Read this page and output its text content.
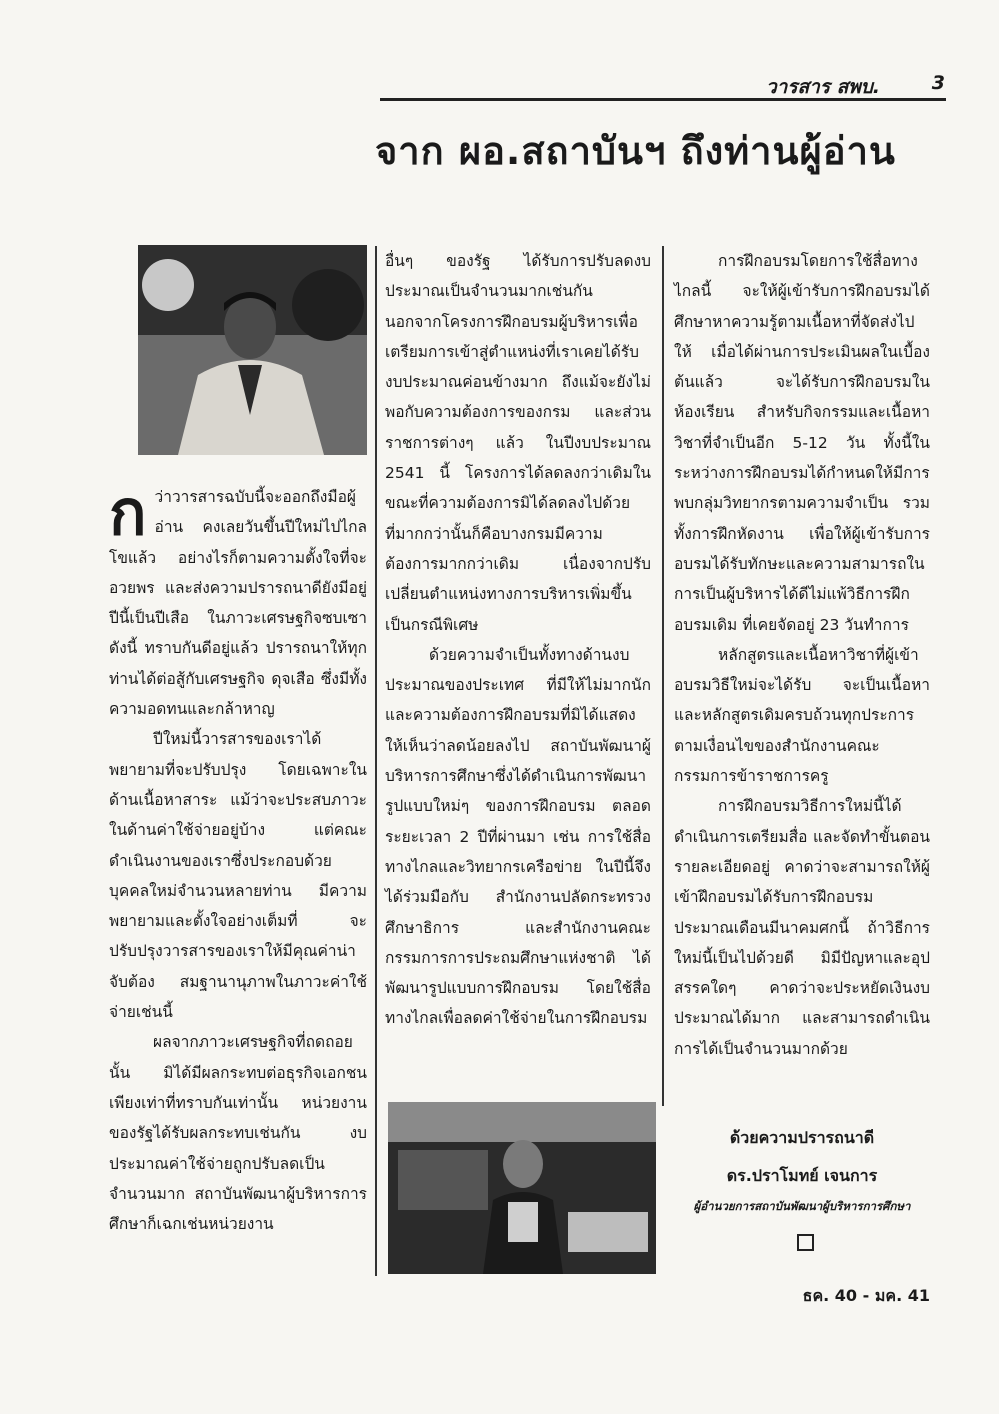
วารสาร สพบ.	3
จาก ผอ.สถาบันฯ ถึงท่านผู้อ่าน

กว่าวารสารฉบับนี้จะออกถึงมือผู้อ่าน คงเลยวันขึ้นปีใหม่ไปไกลโขแล้ว อย่างไรก็ตามความตั้งใจที่จะอวยพร และส่งความปรารถนาดียังมีอยู่ ปีนี้เป็นปีเสือ ในภาวะเศรษฐกิจซบเซาดังนี้ ทราบกันดีอยู่แล้ว ปรารถนาให้ทุกท่านได้ต่อสู้กับเศรษฐกิจ ดุจเสือ ซึ่งมีทั้งความอดทนและกล้าหาญ

ปีใหม่นี้วารสารของเราได้พยายามที่จะปรับปรุง โดยเฉพาะในด้านเนื้อหาสาระ แม้ว่าจะประสบภาวะในด้านค่าใช้จ่ายอยู่บ้าง แต่คณะดำเนินงานของเราซึ่งประกอบด้วยบุคคลใหม่จำนวนหลายท่าน มีความพยายามและตั้งใจอย่างเต็มที่ จะปรับปรุงวารสารของเราให้มีคุณค่าน่าจับต้อง สมฐานานุภาพในภาวะค่าใช้จ่ายเช่นนี้

ผลจากภาวะเศรษฐกิจที่ถดถอยนั้น มิได้มีผลกระทบต่อธุรกิจเอกชนเพียงเท่าที่ทราบกันเท่านั้น หน่วยงานของรัฐได้รับผลกระทบเช่นกัน งบประมาณค่าใช้จ่ายถูกปรับลดเป็นจำนวนมาก สถาบันพัฒนาผู้บริหารการศึกษาก็เฉกเช่นหน่วยงาน

อื่นๆ ของรัฐ ได้รับการปรับลดงบประมาณเป็นจำนวนมากเช่นกัน นอกจากโครงการฝึกอบรมผู้บริหารเพื่อเตรียมการเข้าสู่ตำแหน่งที่เราเคยได้รับงบประมาณค่อนข้างมาก ถึงแม้จะยังไม่พอกับความต้องการของกรม และส่วนราชการต่างๆ แล้ว ในปีงบประมาณ 2541 นี้ โครงการได้ลดลงกว่าเดิมในขณะที่ความต้องการมิได้ลดลงไปด้วย ที่มากกว่านั้นก็คือบางกรมมีความต้องการมากกว่าเดิม เนื่องจากปรับเปลี่ยนตำแหน่งทางการบริหารเพิ่มขึ้น เป็นกรณีพิเศษ

ด้วยความจำเป็นทั้งทางด้านงบประมาณของประเทศ ที่มีให้ไม่มากนัก และความต้องการฝึกอบรมที่มิได้แสดงให้เห็นว่าลดน้อยลงไป สถาบันพัฒนาผู้บริหารการศึกษาซึ่งได้ดำเนินการพัฒนารูปแบบใหม่ๆ ของการฝึกอบรม ตลอดระยะเวลา 2 ปีที่ผ่านมา เช่น การใช้สื่อทางไกลและวิทยากรเครือข่าย ในปีนี้จึงได้ร่วมมือกับ สำนักงานปลัดกระทรวงศึกษาธิการ และสำนักงานคณะกรรมการการประถมศึกษาแห่งชาติ ได้พัฒนารูปแบบการฝึกอบรม โดยใช้สื่อทางไกลเพื่อลดค่าใช้จ่ายในการฝึกอบรม

การฝึกอบรมโดยการใช้สื่อทางไกลนี้ จะให้ผู้เข้ารับการฝึกอบรมได้ศึกษาหาความรู้ตามเนื้อหาที่จัดส่งไปให้ เมื่อได้ผ่านการประเมินผลในเบื้องต้นแล้ว จะได้รับการฝึกอบรมในห้องเรียน สำหรับกิจกรรมและเนื้อหาวิชาที่จำเป็นอีก 5-12 วัน ทั้งนี้ในระหว่างการฝึกอบรมได้กำหนดให้มีการพบกลุ่มวิทยากรตามความจำเป็น รวมทั้งการฝึกหัดงาน เพื่อให้ผู้เข้ารับการอบรมได้รับทักษะและความสามารถในการเป็นผู้บริหารได้ดีไม่แพ้วิธีการฝึกอบรมเดิม ที่เคยจัดอยู่ 23 วันทำการ

หลักสูตรและเนื้อหาวิชาที่ผู้เข้าอบรมวิธีใหม่จะได้รับ จะเป็นเนื้อหาและหลักสูตรเดิมครบถ้วนทุกประการ ตามเงื่อนไขของสำนักงานคณะกรรมการข้าราชการครู

การฝึกอบรมวิธีการใหม่นี้ได้ดำเนินการเตรียมสื่อ และจัดทำขั้นตอนรายละเอียดอยู่ คาดว่าจะสามารถให้ผู้เข้าฝึกอบรมได้รับการฝึกอบรมประมาณเดือนมีนาคมศกนี้ ถ้าวิธีการใหม่นี้เป็นไปด้วยดี มิมีปัญหาและอุปสรรคใดๆ คาดว่าจะประหยัดเงินงบประมาณได้มาก และสามารถดำเนินการได้เป็นจำนวนมากด้วย

ด้วยความปรารถนาดี
ดร.ปราโมทย์ เจนการ
ผู้อำนวยการสถาบันพัฒนาผู้บริหารการศึกษา
ธค. 40 - มค. 41
